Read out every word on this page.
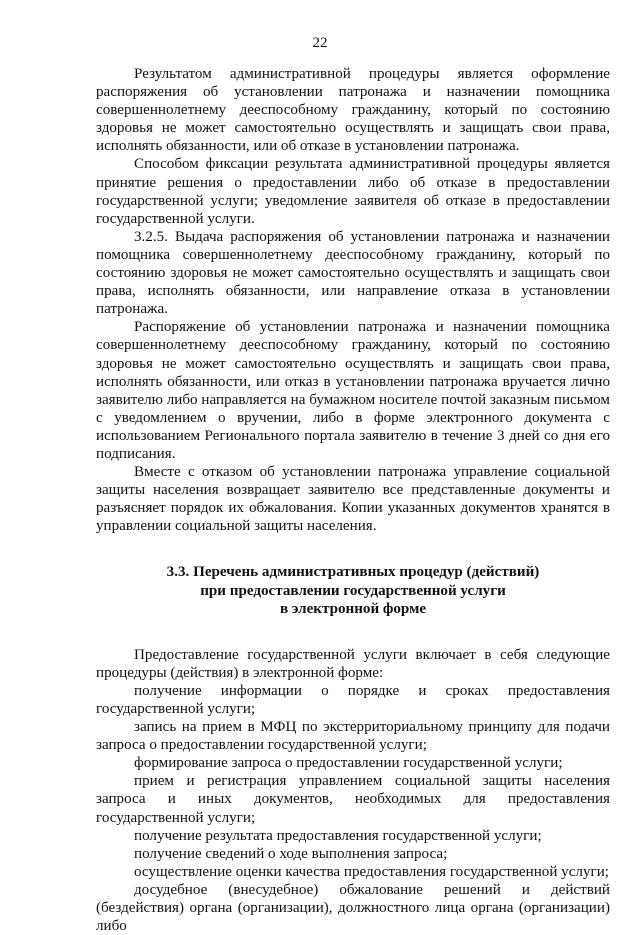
22

Результатом административной процедуры является оформление распоряжения об установлении патронажа и назначении помощника совершеннолетнему дееспособному гражданину, который по состоянию здоровья не может самостоятельно осуществлять и защищать свои права, исполнять обязанности, или об отказе в установлении патронажа.

Способом фиксации результата административной процедуры является принятие решения о предоставлении либо об отказе в предоставлении государственной услуги; уведомление заявителя об отказе в предоставлении государственной услуги.

3.2.5. Выдача распоряжения об установлении патронажа и назначении помощника совершеннолетнему дееспособному гражданину, который по состоянию здоровья не может самостоятельно осуществлять и защищать свои права, исполнять обязанности, или направление отказа в установлении патронажа.

Распоряжение об установлении патронажа и назначении помощника совершеннолетнему дееспособному гражданину, который по состоянию здоровья не может самостоятельно осуществлять и защищать свои права, исполнять обязанности, или отказ в установлении патронажа вручается лично заявителю либо направляется на бумажном носителе почтой заказным письмом с уведомлением о вручении, либо в форме электронного документа с использованием Регионального портала заявителю в течение 3 дней со дня его подписания.

Вместе с отказом об установлении патронажа управление социальной защиты населения возвращает заявителю все представленные документы и разъясняет порядок их обжалования. Копии указанных документов хранятся в управлении социальной защиты населения.

3.3. Перечень административных процедур (действий)
при предоставлении государственной услуги
в электронной форме

Предоставление государственной услуги включает в себя следующие процедуры (действия) в электронной форме:

получение информации о порядке и сроках предоставления государственной услуги;

запись на прием в МФЦ по экстерриториальному принципу для подачи запроса о предоставлении государственной услуги;

формирование запроса о предоставлении государственной услуги;

прием и регистрация управлением социальной защиты населения запроса и иных документов, необходимых для предоставления государственной услуги;

получение результата предоставления государственной услуги;

получение сведений о ходе выполнения запроса;

осуществление оценки качества предоставления государственной услуги;

досудебное (внесудебное) обжалование решений и действий (бездействия) органа (организации), должностного лица органа (организации) либо
